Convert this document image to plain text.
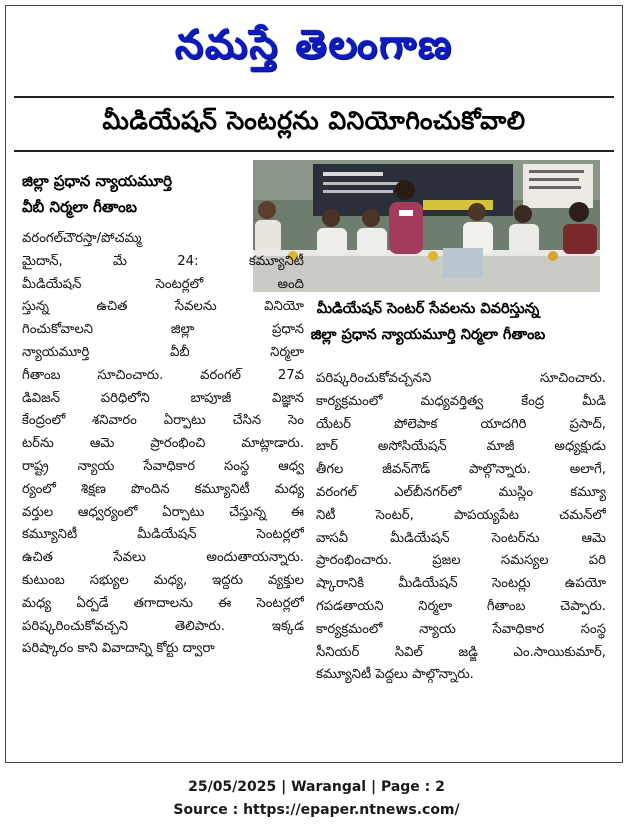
నమస్తే తెలంగాణ
మీడియేషన్ సెంటర్లను వినియోగించుకోవాలి
జిల్లా ప్రధాన న్యాయమూర్తి
వీబీ నిర్మలా గీతాంబ
మీడియేషన్ సెంటర్ సేవలను వివరిస్తున్న
జిల్లా ప్రధాన న్యాయమూర్తి నిర్మలా గీతాంబ
వరంగల్‌చౌరస్తా/పోచమ్మ
మైదాన్, మే 24: కమ్యూనిటీ
మీడియేషన్ సెంటర్లలో అంది
స్తున్న ఉచిత సేవలను వినియో
గించుకోవాలని జిల్లా ప్రధాన
న్యాయమూర్తి వీబీ నిర్మలా
గీతాంబ సూచించారు. వరంగల్ 27వ
డివిజన్ పరిధిలోని బాపూజీ విజ్ఞాన
కేంద్రంలో శనివారం ఏర్పాటు చేసిన సెం
టర్‌ను ఆమె ప్రారంభించి మాట్లాడారు.
రాష్ట్ర న్యాయ సేవాధికార సంస్థ ఆధ్వ
ర్యంలో శిక్షణ పొందిన కమ్యూనిటీ మధ్య
వర్తుల ఆధ్వర్యంలో ఏర్పాటు చేస్తున్న ఈ
కమ్యూనిటీ మీడియేషన్ సెంటర్లలో
ఉచిత సేవలు అందుతాయన్నారు.
కుటుంబ సభ్యుల మధ్య, ఇద్దరు వ్యక్తుల
మధ్య ఏర్పడే తగాదాలను ఈ సెంటర్లలో
పరిష్కరించుకోవచ్చని తెలిపారు. ఇక్కడ
పరిష్కారం కాని వివాదాన్ని కోర్టు ద్వారా
పరిష్కరించుకోవచ్చనని సూచించారు.
కార్యక్రమంలో మధ్యవర్తిత్వ కేంద్ర మీడి
యేటర్ పోలెపాక యాదగిరి ప్రసాద్,
బార్ అసోసియేషన్ మాజీ అధ్యక్షుడు
తీగల జీవన్‌గౌడ్ పాల్గొన్నారు. అలాగే,
వరంగల్ ఎల్‌బీనగర్‌లో ముస్లిం కమ్యూ
నిటీ సెంటర్, పాపయ్యపేట చమన్‌లో
వాసవీ మీడియేషన్ సెంటర్‌ను ఆమె
ప్రారంభించారు. ప్రజల సమస్యల పరి
ష్కారానికి మీడియేషన్ సెంటర్లు ఉపయో
గపడతాయని నిర్మలా గీతాంబ చెప్పారు.
కార్యక్రమంలో న్యాయ సేవాధికార సంస్థ
సీనియర్ సివిల్ జడ్జి ఎం.సాయికుమార్,
కమ్యూనిటీ పెద్దలు పాల్గొన్నారు.
25/05/2025 | Warangal | Page : 2
Source : https://epaper.ntnews.com/
